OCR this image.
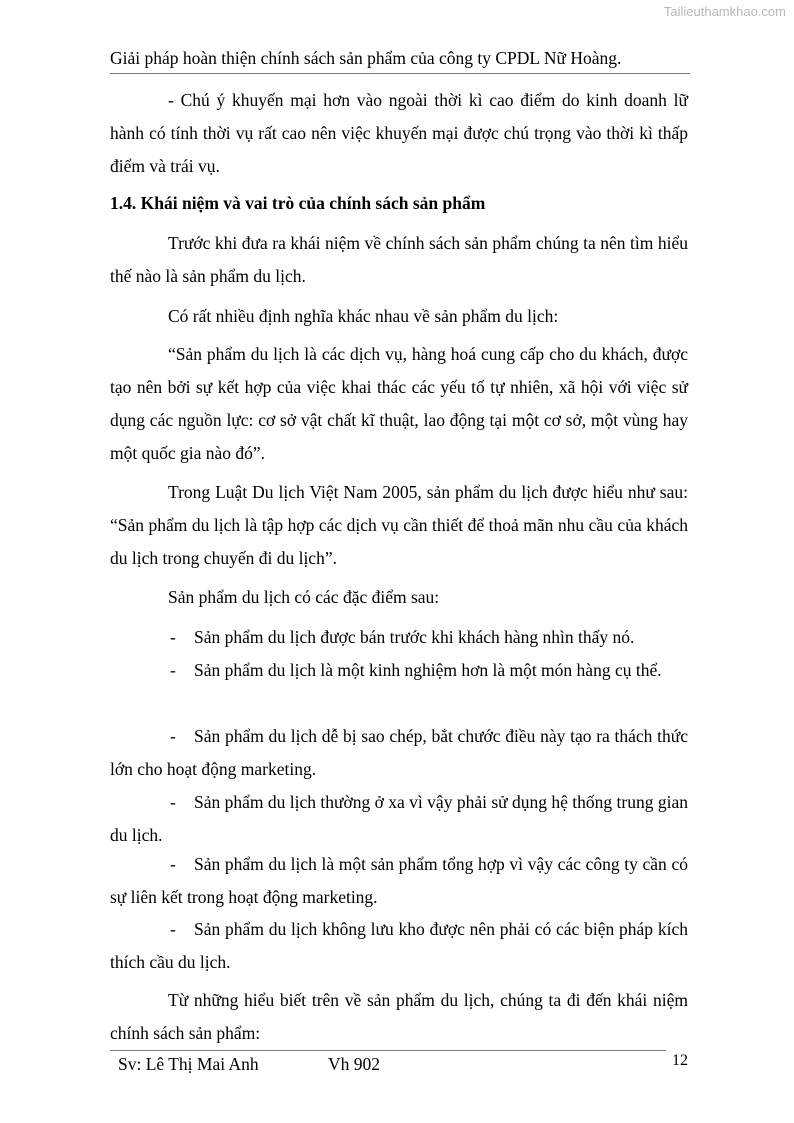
Tailieuthamkhao.com
Giải pháp hoàn thiện chính sách sản phẩm của công ty CPDL Nữ Hoàng.
- Chú ý khuyến mại hơn vào ngoài thời kì cao điểm do kinh doanh lữ hành có tính thời vụ rất cao nên việc khuyến mại được chú trọng vào thời kì thấp điểm và trái vụ.
1.4. Khái niệm và vai trò của chính sách sản phẩm
Trước khi đưa ra khái niệm về chính sách sản phẩm chúng ta nên tìm hiểu thế nào là sản phẩm du lịch.
Có rất nhiều định nghĩa khác nhau về sản phẩm du lịch:
“Sản phẩm du lịch là các dịch vụ, hàng hoá cung cấp cho du khách, được tạo nên bởi sự kết hợp của việc khai thác các yếu tố tự nhiên, xã hội với việc sử dụng các nguồn lực: cơ sở vật chất kĩ thuật, lao động tại một cơ sở, một vùng hay một quốc gia nào đó”.
Trong Luật Du lịch Việt Nam 2005, sản phẩm du lịch được hiểu như sau: “Sản phẩm du lịch là tập hợp các dịch vụ cần thiết để thoả mãn nhu cầu của khách du lịch trong chuyến đi du lịch”.
Sản phẩm du lịch có các đặc điểm sau:
- Sản phẩm du lịch được bán trước khi khách hàng nhìn thấy nó.
- Sản phẩm du lịch là một kinh nghiệm hơn là một món hàng cụ thể.
- Sản phẩm du lịch dễ bị sao chép, bắt chước điều này tạo ra thách thức lớn cho hoạt động marketing.
- Sản phẩm du lịch thường ở xa vì vậy phải sử dụng hệ thống trung gian du lịch.
- Sản phẩm du lịch là một sản phẩm tổng hợp vì vậy các công ty cần có sự liên kết trong hoạt động marketing.
- Sản phẩm du lịch không lưu kho được nên phải có các biện pháp kích thích cầu du lịch.
Từ những hiểu biết trên về sản phẩm du lịch, chúng ta đi đến khái niệm chính sách sản phẩm:
Sv: Lê Thị Mai Anh	Vh 902	12
